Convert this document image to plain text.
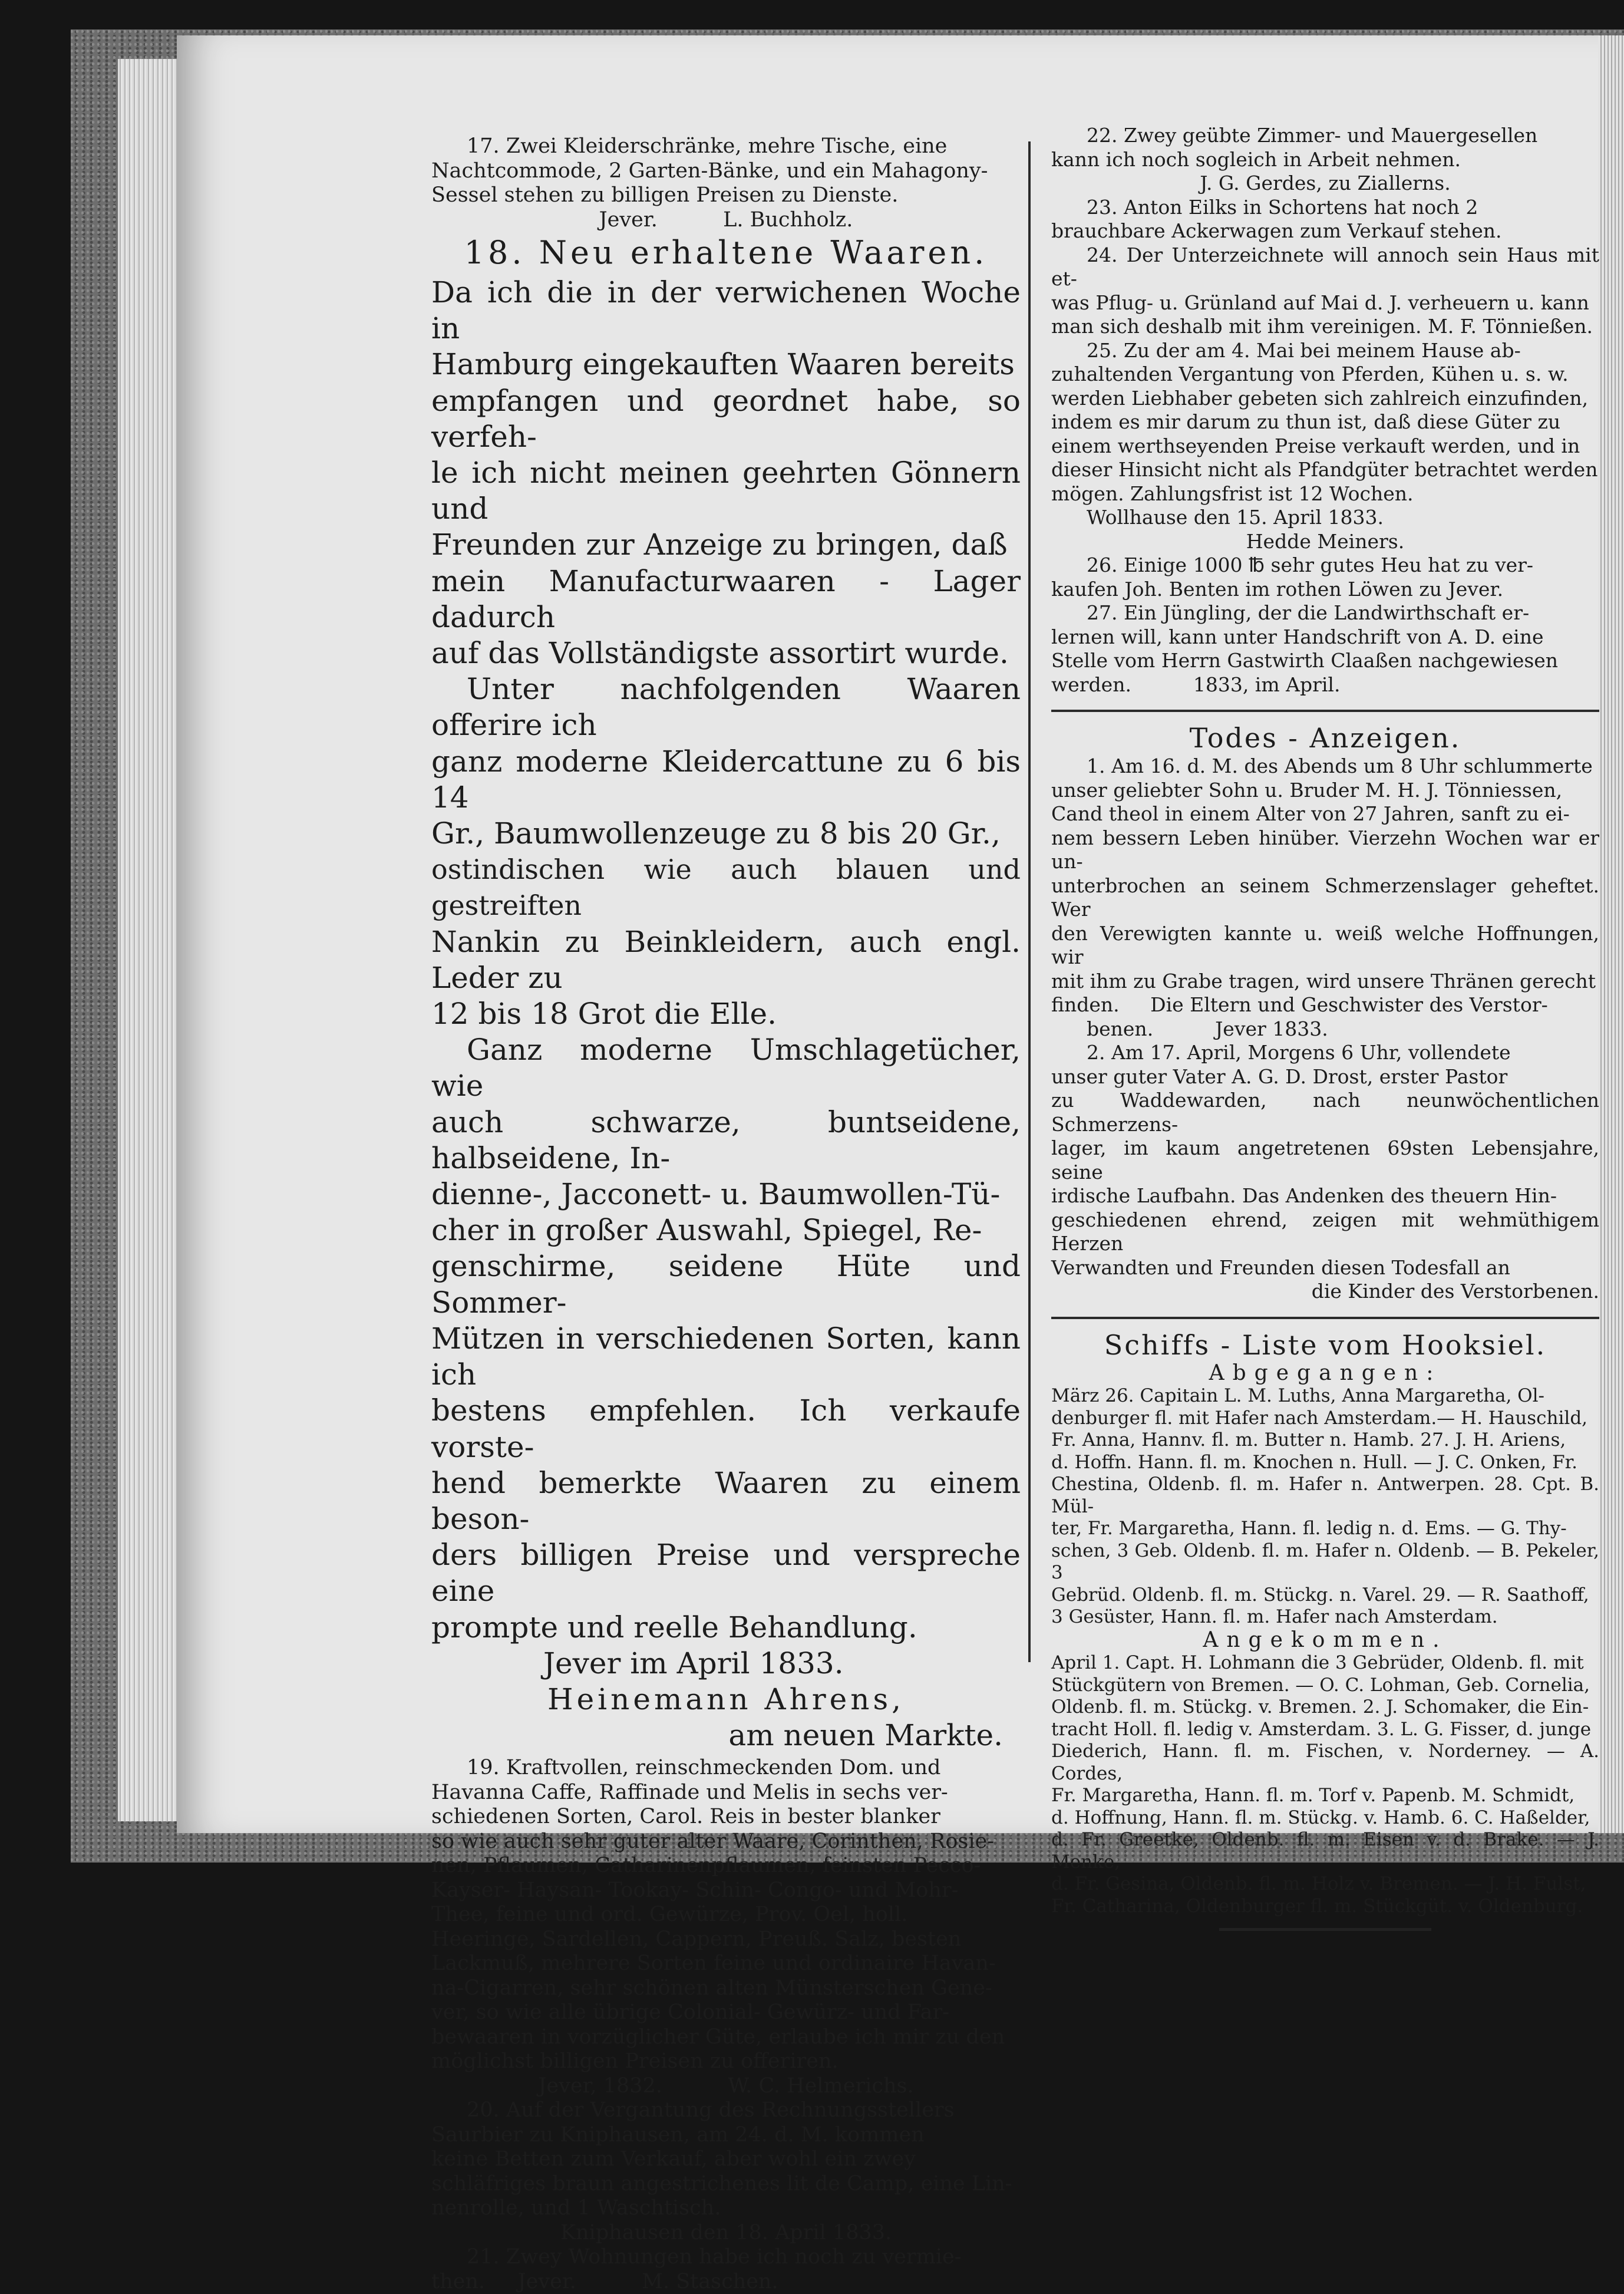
17. Zwei Kleiderschränke, mehre Tische, eine

Nachtcommode, 2 Garten-Bänke, und ein Mahagony-

Sessel stehen zu billigen Preisen zu Dienste.

Jever.          L. Buchholz.

18. Neu erhaltene Waaren.

Da ich die in der verwichenen Woche in

Hamburg eingekauften Waaren bereits

empfangen und geordnet habe, so verfeh-

le ich nicht meinen geehrten Gönnern und

Freunden zur Anzeige zu bringen, daß

mein Manufacturwaaren - Lager dadurch

auf das Vollständigste assortirt wurde.

Unter nachfolgenden Waaren offerire ich

ganz moderne Kleidercattune zu 6 bis 14

Gr., Baumwollenzeuge zu 8 bis 20 Gr.,

ostindischen wie auch blauen und gestreiften

Nankin zu Beinkleidern, auch engl. Leder zu

12 bis 18 Grot die Elle.

Ganz moderne Umschlagetücher, wie

auch schwarze, buntseidene, halbseidene, In-

dienne-, Jacconett- u. Baumwollen-Tü-

cher in großer Auswahl, Spiegel, Re-

genschirme, seidene Hüte und Sommer-

Mützen in verschiedenen Sorten, kann ich

bestens empfehlen. Ich verkaufe vorste-

hend bemerkte Waaren zu einem beson-

ders billigen Preise und verspreche eine

prompte und reelle Behandlung.

Jever im April 1833.
Heinemann Ahrens,
am neuen Markte.

19. Kraftvollen, reinschmeckenden Dom. und

Havanna Caffe, Raffinade und Melis in sechs ver-

schiedenen Sorten, Carol. Reis in bester blanker

so wie auch sehr guter alter Waare, Corinthen, Rosie-

nen, Pflaumen, Catharinenpflaumen, feinsten Pecco-

Kayser- Haysan- Tookay- Schin- Congo- und Mohr-

Thee, feine und ord. Gewürze, Prov. Oel, holl.

Heeringe, Sardellen, Cappern, Preuß. Salz, besten

Lackmuß, mehrere Sorten feine und ordinaire Havan-

na-Cigarren, sehr schönen alten Münsterschen Gene-

ver, so wie alle übrige Colonial- Gewürz- und Far-

bewaaren in vorzüglicher Güte, erlaube ich mir zu den

möglichst billigen Preisen zu offeriren.

Jever, 1832.          W. C. Helmerichs.

20. Auf der Vergantung des Rechnungsstellers

Saurbier zu Kniphausen, am 24. d. M. kommen

keine Betten zum Verkauf, aber wohl ein zwey

schläfriges braun angestrichenes lit de Camp, eine Lin-

nenrolle, und 1 Waschtisch.

Kniphausen den 18. April 1833.

21. Zwey Wohnungen habe ich noch zu vermie-

then.     Jever.          M. Staschen.

22. Zwey geübte Zimmer- und Mauergesellen

kann ich noch sogleich in Arbeit nehmen.

J. G. Gerdes, zu Ziallerns.

23. Anton Eilks in Schortens hat noch 2

brauchbare Ackerwagen zum Verkauf stehen.

24. Der Unterzeichnete will annoch sein Haus mit et-

was Pflug- u. Grünland auf Mai d. J. verheuern u. kann

man sich deshalb mit ihm vereinigen. M. F. Tönnießen.

25. Zu der am 4. Mai bei meinem Hause ab-

zuhaltenden Vergantung von Pferden, Kühen u. s. w.

werden Liebhaber gebeten sich zahlreich einzufinden,

indem es mir darum zu thun ist, daß diese Güter zu

einem werthseyenden Preise verkauft werden, und in

dieser Hinsicht nicht als Pfandgüter betrachtet werden

mögen. Zahlungsfrist ist 12 Wochen.

Wollhause den 15. April 1833.

Hedde Meiners.

26. Einige 1000 ℔ sehr gutes Heu hat zu ver-

kaufen Joh. Benten im rothen Löwen zu Jever.

27. Ein Jüngling, der die Landwirthschaft er-

lernen will, kann unter Handschrift von A. D. eine

Stelle vom Herrn Gastwirth Claaßen nachgewiesen

werden.          1833, im April.

Todes - Anzeigen.

1. Am 16. d. M. des Abends um 8 Uhr schlummerte

unser geliebter Sohn u. Bruder M. H. J. Tönniessen,

Cand theol in einem Alter von 27 Jahren, sanft zu ei-

nem bessern Leben hinüber. Vierzehn Wochen war er un-

unterbrochen an seinem Schmerzenslager geheftet. Wer

den Verewigten kannte u. weiß welche Hoffnungen, wir

mit ihm zu Grabe tragen, wird unsere Thränen gerecht

finden.     Die Eltern und Geschwister des Verstor-

benen.          Jever 1833.

2. Am 17. April, Morgens 6 Uhr, vollendete

unser guter Vater A. G. D. Drost, erster Pastor

zu Waddewarden, nach neunwöchentlichen Schmerzens-

lager, im kaum angetretenen 69sten Lebensjahre, seine

irdische Laufbahn. Das Andenken des theuern Hin-

geschiedenen ehrend, zeigen mit wehmüthigem Herzen

Verwandten und Freunden diesen Todesfall an

die Kinder des Verstorbenen.

Schiffs - Liste vom Hooksiel.
Abgegangen:

März 26. Capitain L. M. Luths, Anna Margaretha, Ol-

denburger fl. mit Hafer nach Amsterdam.— H. Hauschild,

Fr. Anna, Hannv. fl. m. Butter n. Hamb. 27. J. H. Ariens,

d. Hoffn. Hann. fl. m. Knochen n. Hull. — J. C. Onken, Fr.

Chestina, Oldenb. fl. m. Hafer n. Antwerpen. 28. Cpt. B. Mül-

ter, Fr. Margaretha, Hann. fl. ledig n. d. Ems. — G. Thy-

schen, 3 Geb. Oldenb. fl. m. Hafer n. Oldenb. — B. Pekeler, 3

Gebrüd. Oldenb. fl. m. Stückg. n. Varel. 29. — R. Saathoff,

3 Gesüster, Hann. fl. m. Hafer nach Amsterdam.

Angekommen.

April 1. Capt. H. Lohmann die 3 Gebrüder, Oldenb. fl. mit

Stückgütern von Bremen. — O. C. Lohman, Geb. Cornelia,

Oldenb. fl. m. Stückg. v. Bremen. 2. J. Schomaker, die Ein-

tracht Holl. fl. ledig v. Amsterdam. 3. L. G. Fisser, d. junge

Diederich, Hann. fl. m. Fischen, v. Norderney. — A. Cordes,

Fr. Margaretha, Hann. fl. m. Torf v. Papenb. M. Schmidt,

d. Hoffnung, Hann. fl. m. Stückg. v. Hamb. 6. C. Haßelder,

d. Fr. Greetke, Oldenb. fl. m. Eisen v. d. Brake. — J. Menke,

d. Fr. Gesina, Oldenb. fl. m. Holz v. Bremen. — J. H. Fulst,

Fr. Catharina, Oldenburger fl. m. Stückgüt. v. Oldenburg.
